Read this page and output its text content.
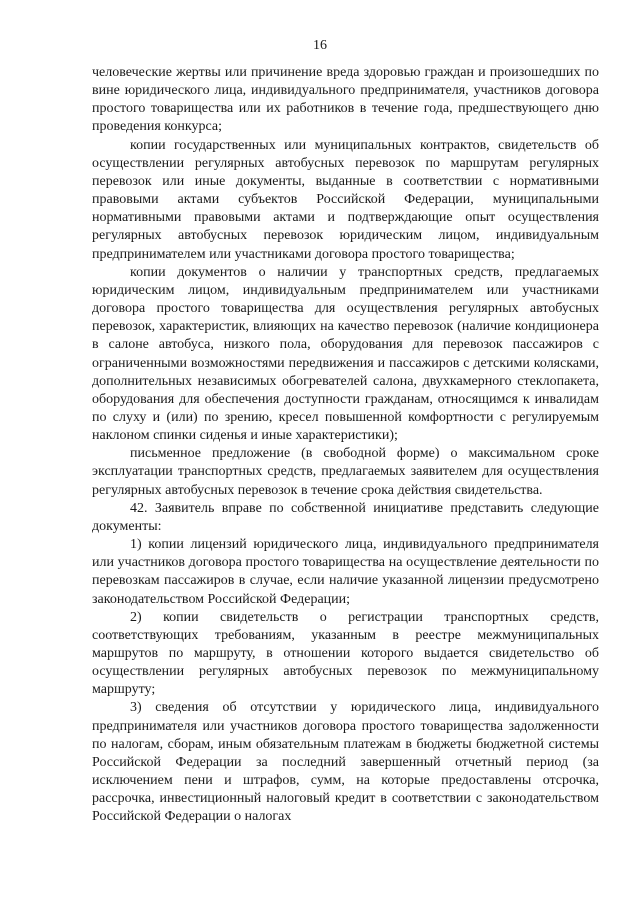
16

человеческие жертвы или причинение вреда здоровью граждан и произошедших по вине юридического лица, индивидуального предпринимателя, участников договора простого товарищества или их работников в течение года, предшествующего дню проведения конкурса;

копии государственных или муниципальных контрактов, свидетельств об осуществлении регулярных автобусных перевозок по маршрутам регулярных перевозок или иные документы, выданные в соответствии с нормативными правовыми актами субъектов Российской Федерации, муниципальными нормативными правовыми актами и подтверждающие опыт осуществления регулярных автобусных перевозок юридическим лицом, индивидуальным предпринимателем или участниками договора простого товарищества;

копии документов о наличии у транспортных средств, предлагаемых юридическим лицом, индивидуальным предпринимателем или участниками договора простого товарищества для осуществления регулярных автобусных перевозок, характеристик, влияющих на качество перевозок (наличие кондиционера в салоне автобуса, низкого пола, оборудования для перевозок пассажиров с ограниченными возможностями передвижения и пассажиров с детскими колясками, дополнительных независимых обогревателей салона, двухкамерного стеклопакета, оборудования для обеспечения доступности гражданам, относящимся к инвалидам по слуху и (или) по зрению, кресел повышенной комфортности с регулируемым наклоном спинки сиденья и иные характеристики);

письменное предложение (в свободной форме) о максимальном сроке эксплуатации транспортных средств, предлагаемых заявителем для осуществления регулярных автобусных перевозок в течение срока действия свидетельства.

42. Заявитель вправе по собственной инициативе представить следующие документы:

1) копии лицензий юридического лица, индивидуального предпринимателя или участников договора простого товарищества на осуществление деятельности по перевозкам пассажиров в случае, если наличие указанной лицензии предусмотрено законодательством Российской Федерации;

2) копии свидетельств о регистрации транспортных средств, соответствующих требованиям, указанным в реестре межмуниципальных маршрутов по маршруту, в отношении которого выдается свидетельство об осуществлении регулярных автобусных перевозок по межмуниципальному маршруту;

3) сведения об отсутствии у юридического лица, индивидуального предпринимателя или участников договора простого товарищества задолженности по налогам, сборам, иным обязательным платежам в бюджеты бюджетной системы Российской Федерации за последний завершенный отчетный период (за исключением пени и штрафов, сумм, на которые предоставлены отсрочка, рассрочка, инвестиционный налоговый кредит в соответствии с законодательством Российской Федерации о налогах
